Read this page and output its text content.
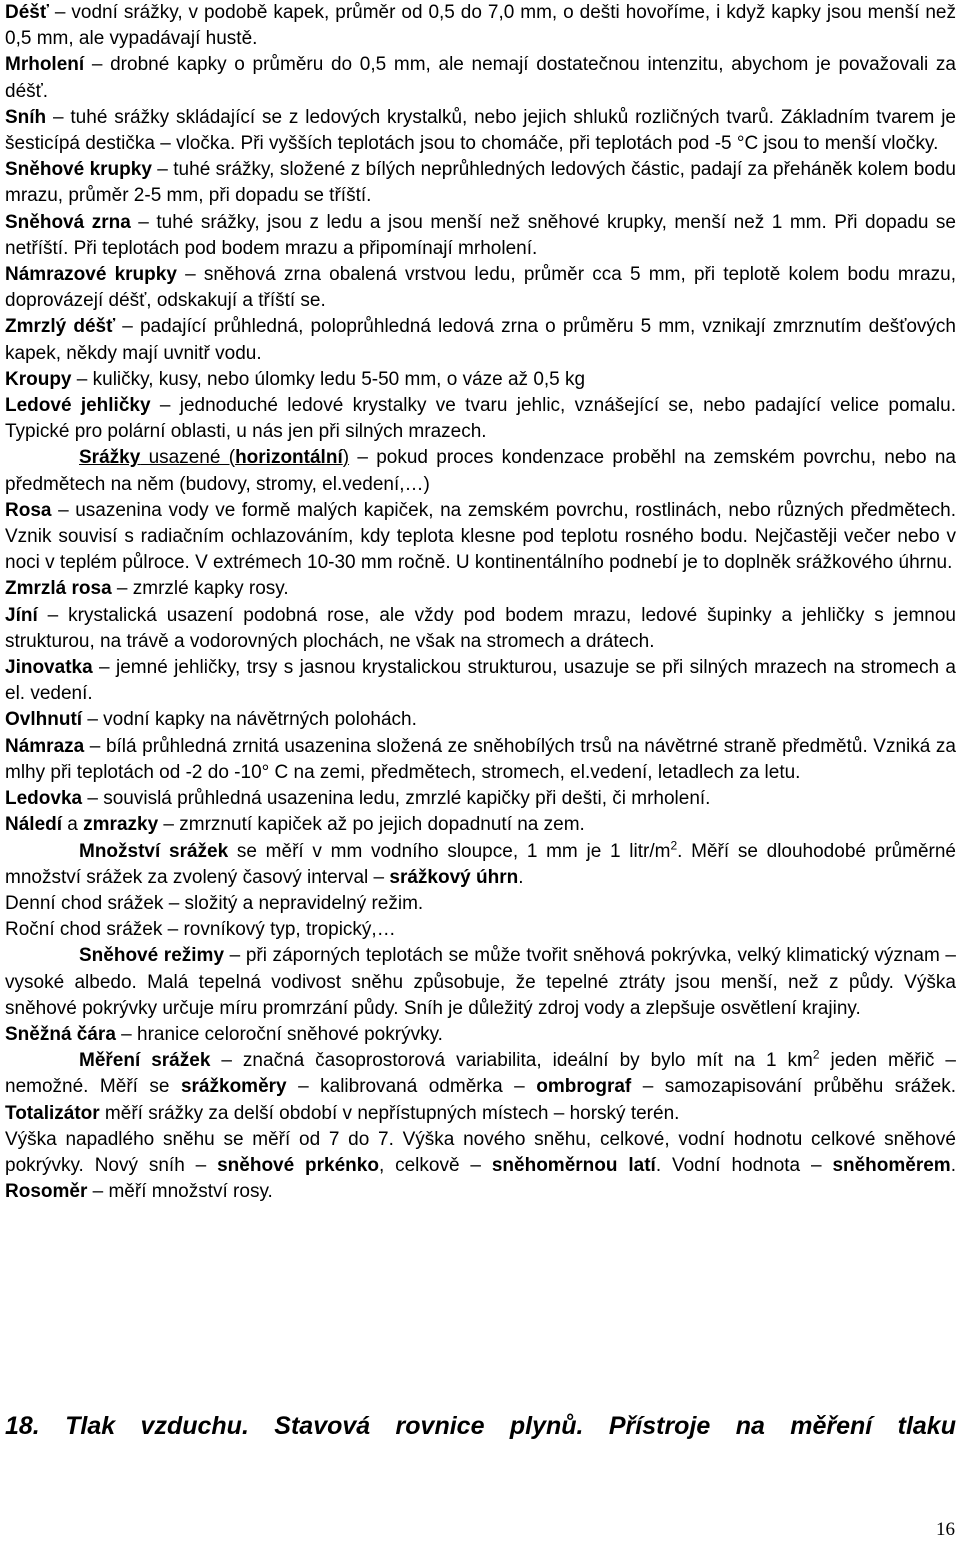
Déšť – vodní srážky, v podobě kapek, průměr od 0,5 do 7,0 mm, o dešti hovoříme, i když kapky jsou menší než 0,5 mm, ale vypadávají hustě.

Mrholení – drobné kapky o průměru do 0,5 mm, ale nemají dostatečnou intenzitu, abychom je považovali za déšť.

Sníh – tuhé srážky skládající se z ledových krystalků, nebo jejich shluků rozličných tvarů. Základním tvarem je šesticípá destička – vločka. Při vyšších teplotách jsou to chomáče, při teplotách pod -5 °C jsou to menší vločky.

Sněhové krupky – tuhé srážky, složené z bílých neprůhledných ledových částic, padají za přeháněk kolem bodu mrazu, průměr 2-5 mm, při dopadu se tříští.

Sněhová zrna – tuhé srážky, jsou z ledu a jsou menší než sněhové krupky, menší než 1 mm. Při dopadu se netříští. Při teplotách pod bodem mrazu a připomínají mrholení.

Námrazové krupky – sněhová zrna obalená vrstvou ledu, průměr cca 5 mm, při teplotě kolem bodu mrazu, doprovázejí déšť, odskakují a tříští se.

Zmrzlý déšť – padající průhledná, poloprůhledná ledová zrna o průměru 5 mm, vznikají zmrznutím dešťových kapek, někdy mají uvnitř vodu.

Kroupy – kuličky, kusy, nebo úlomky ledu 5-50 mm, o váze až 0,5 kg

Ledové jehličky – jednoduché ledové krystalky ve tvaru jehlic, vznášející se, nebo padající velice pomalu. Typické pro polární oblasti, u nás jen při silných mrazech.

Srážky usazené (horizontální) – pokud proces kondenzace proběhl na zemském povrchu, nebo na předmětech na něm (budovy, stromy, el.vedení,…)

Rosa – usazenina vody ve formě malých kapiček, na zemském povrchu, rostlinách, nebo různých předmětech. Vznik souvisí s radiačním ochlazováním, kdy teplota klesne pod teplotu rosného bodu. Nejčastěji večer nebo v noci v teplém půlroce. V extrémech 10-30 mm ročně. U kontinentálního podnebí je to doplněk srážkového úhrnu.

Zmrzlá rosa – zmrzlé kapky rosy.

Jíní – krystalická usazení podobná rose, ale vždy pod bodem mrazu, ledové šupinky a jehličky s jemnou strukturou, na trávě a vodorovných plochách, ne však na stromech a drátech.

Jinovatka – jemné jehličky, trsy s jasnou krystalickou strukturou, usazuje se při silných mrazech na stromech a el. vedení.

Ovlhnutí – vodní kapky na návětrných polohách.

Námraza – bílá průhledná zrnitá usazenina složená ze sněhobílých trsů na návětrné straně předmětů. Vzniká za mlhy při teplotách od -2 do -10° C na zemi, předmětech, stromech, el.vedení, letadlech za letu.

Ledovka – souvislá průhledná usazenina ledu, zmrzlé kapičky při dešti, či mrholení.

Náledí a zmrazky – zmrznutí kapiček až po jejich dopadnutí na zem.

Množství srážek se měří v mm vodního sloupce, 1 mm je 1 litr/$m^2$. Měří se dlouhodobé průměrné množství srážek za zvolený časový interval – srážkový úhrn.

Denní chod srážek – složitý a nepravidelný režim.

Roční chod srážek – rovníkový typ, tropický,…

Sněhové režimy – při záporných teplotách se může tvořit sněhová pokrývka, velký klimatický význam – vysoké albedo. Malá tepelná vodivost sněhu způsobuje, že tepelné ztráty jsou menší, než z půdy. Výška sněhové pokrývky určuje míru promrzání půdy. Sníh je důležitý zdroj vody a zlepšuje osvětlení krajiny.

Sněžná čára – hranice celoroční sněhové pokrývky.

Měření srážek – značná časoprostorová variabilita, ideální by bylo mít na 1 $km^2$ jeden měřič – nemožné. Měří se srážkoměry – kalibrovaná odměrka – ombrograf – samozapisování průběhu srážek. Totalizátor měří srážky za delší období v nepřístupných místech – horský terén.

Výška napadlého sněhu se měří od 7 do 7. Výška nového sněhu, celkové, vodní hodnotu celkové sněhové pokrývky. Nový sníh – sněhové prkénko, celkově – sněhoměrnou latí. Vodní hodnota – sněhoměrem. Rosoměr – měří množství rosy.

18. Tlak vzduchu. Stavová rovnice plynů. Přístroje na měření tlaku

16
